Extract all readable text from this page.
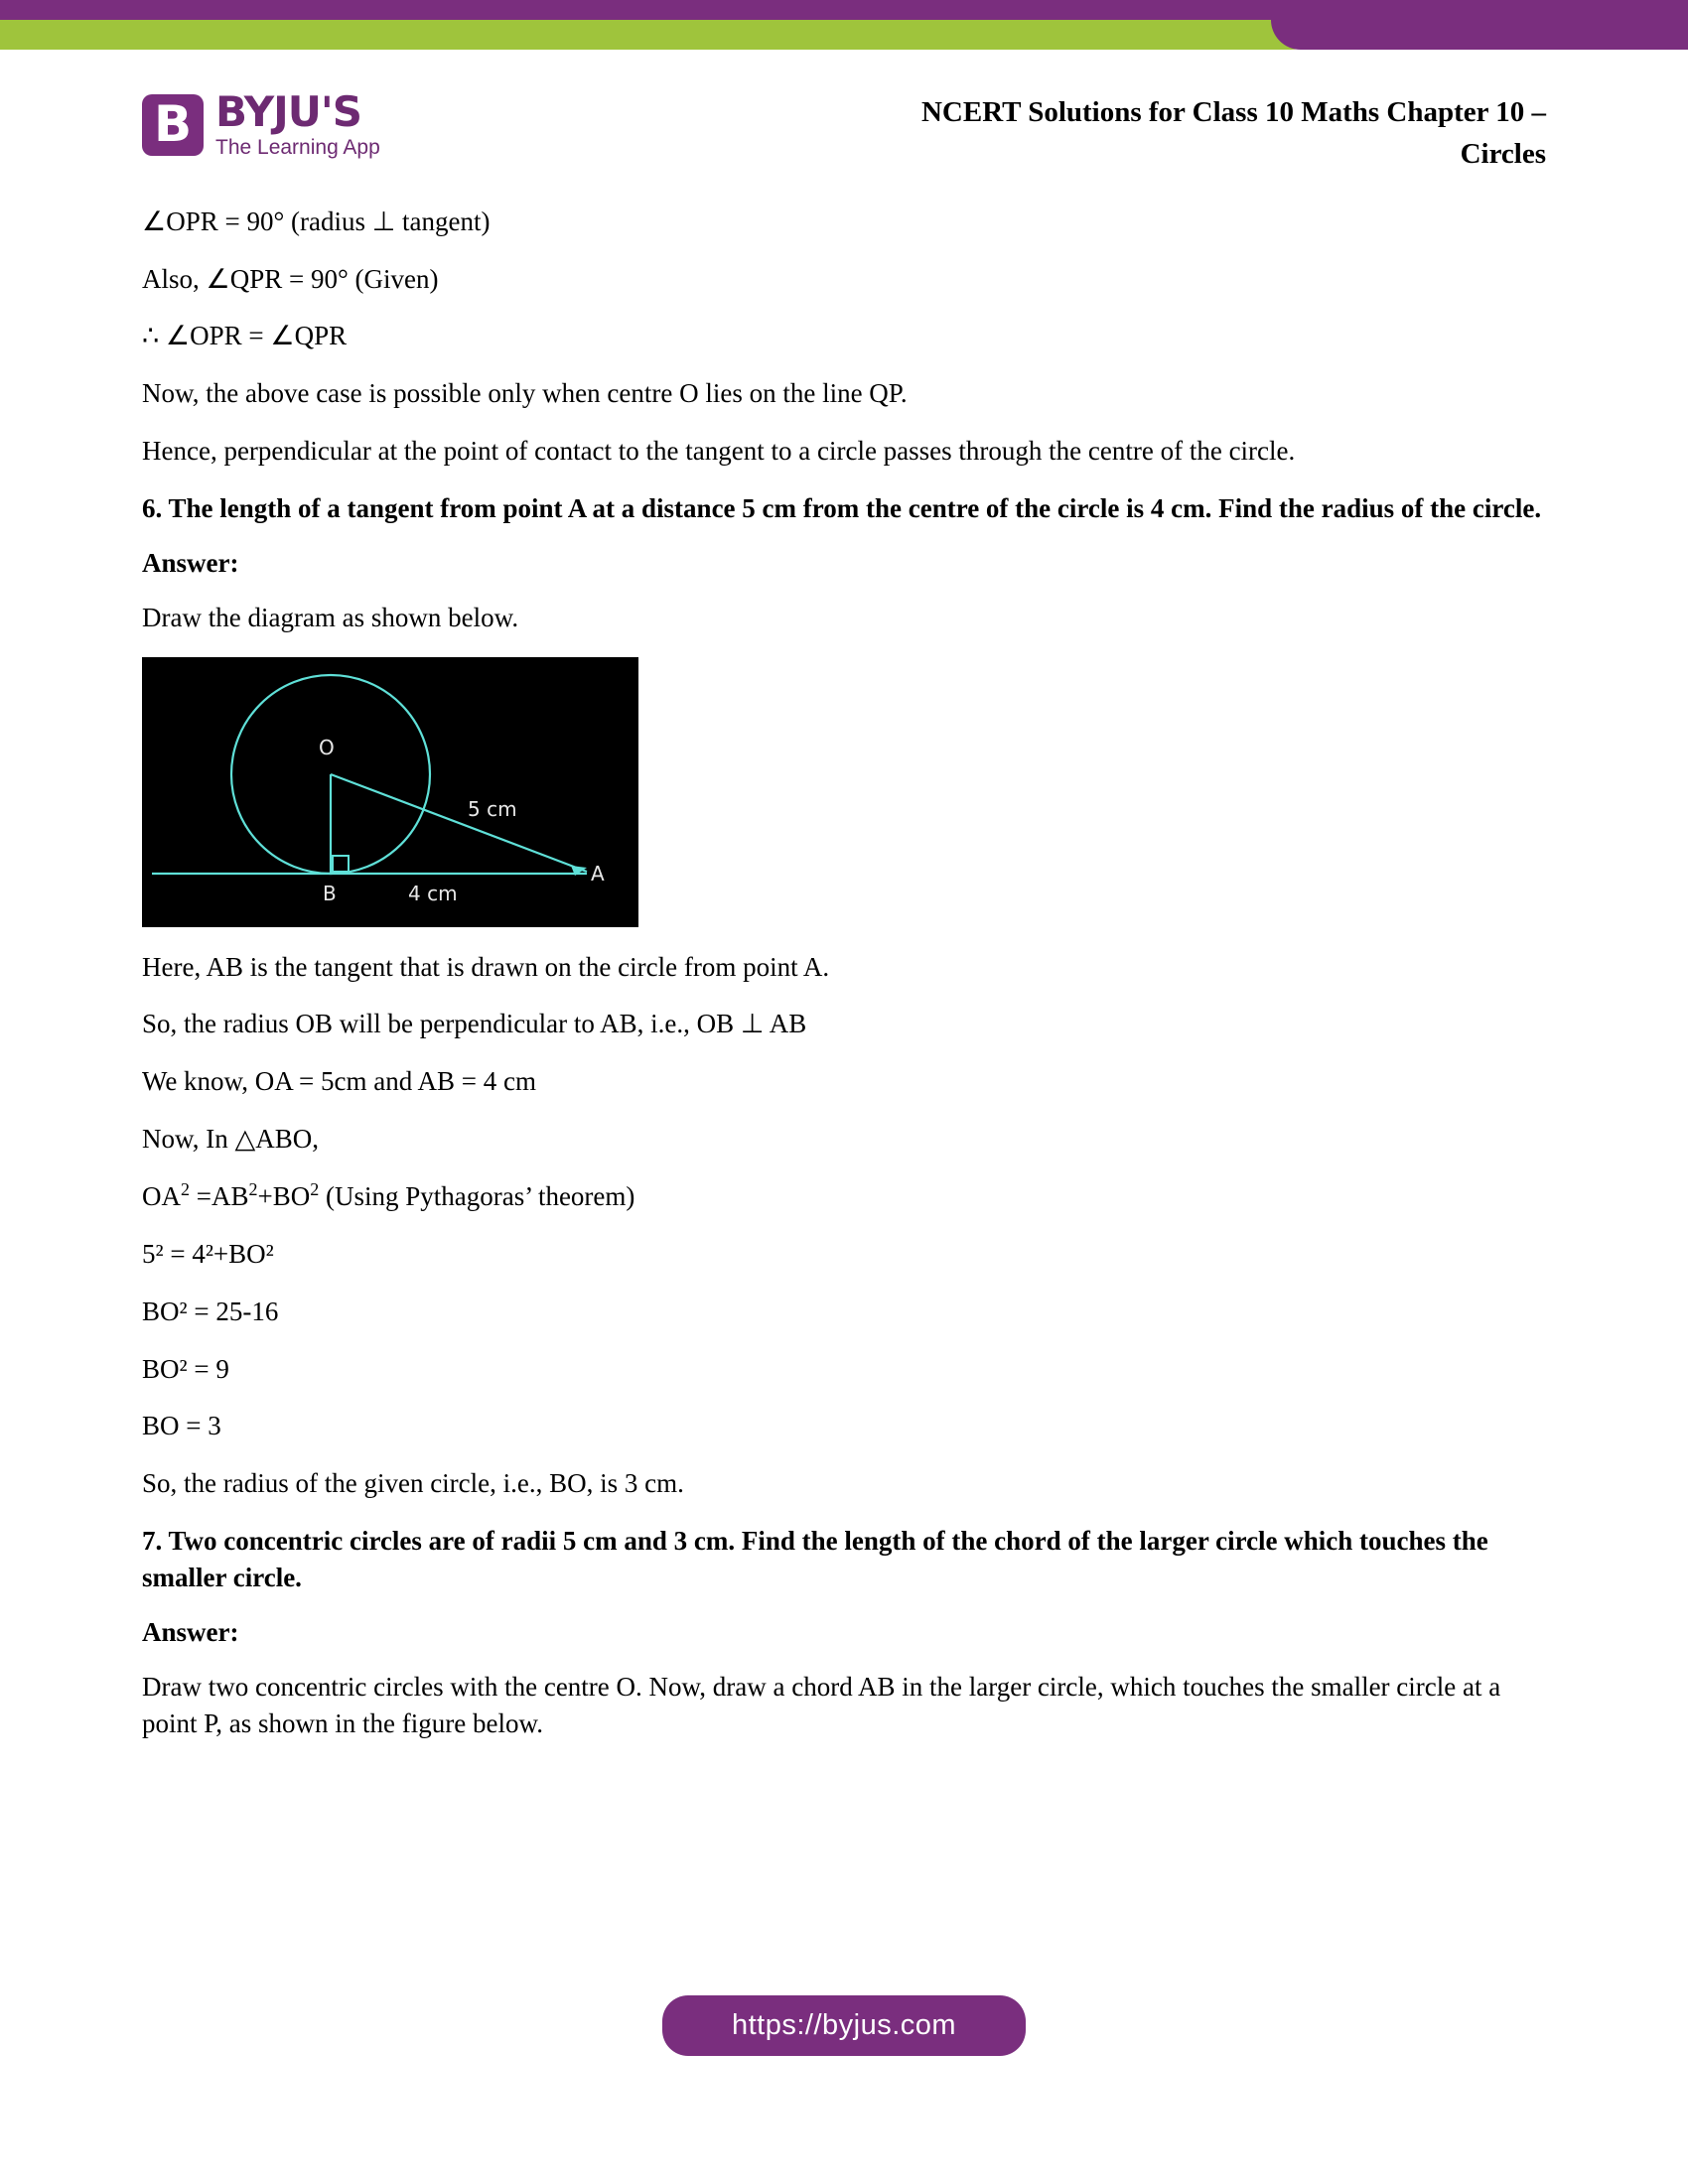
B BYJU'S
The Learning App
NCERT Solutions for Class 10 Maths Chapter 10 –
Circles

∠OPR = 90° (radius ⊥ tangent)

Also, ∠QPR = 90° (Given)

∴ ∠OPR = ∠QPR

Now, the above case is possible only when centre O lies on the line QP.

Hence, perpendicular at the point of contact to the tangent to a circle passes through the centre of the circle.

6. The length of a tangent from point A at a distance 5 cm from the centre of the circle is 4 cm. Find the radius of the circle.

Answer:

Draw the diagram as shown below.

O
B
A
5 cm
4 cm

Here, AB is the tangent that is drawn on the circle from point A.

So, the radius OB will be perpendicular to AB, i.e., OB ⊥ AB

We know, OA = 5cm and AB = 4 cm

Now, In △ABO,

$OA^2 =AB^2+BO^2$ (Using Pythagoras’ theorem)

5² = 4²+BO²

BO² = 25-16

BO² = 9

BO = 3

So, the radius of the given circle, i.e., BO, is 3 cm.

7. Two concentric circles are of radii 5 cm and 3 cm. Find the length of the chord of the larger circle which touches the smaller circle.

Answer:

Draw two concentric circles with the centre O. Now, draw a chord AB in the larger circle, which touches the smaller circle at a point P, as shown in the figure below.

https://byjus.com
